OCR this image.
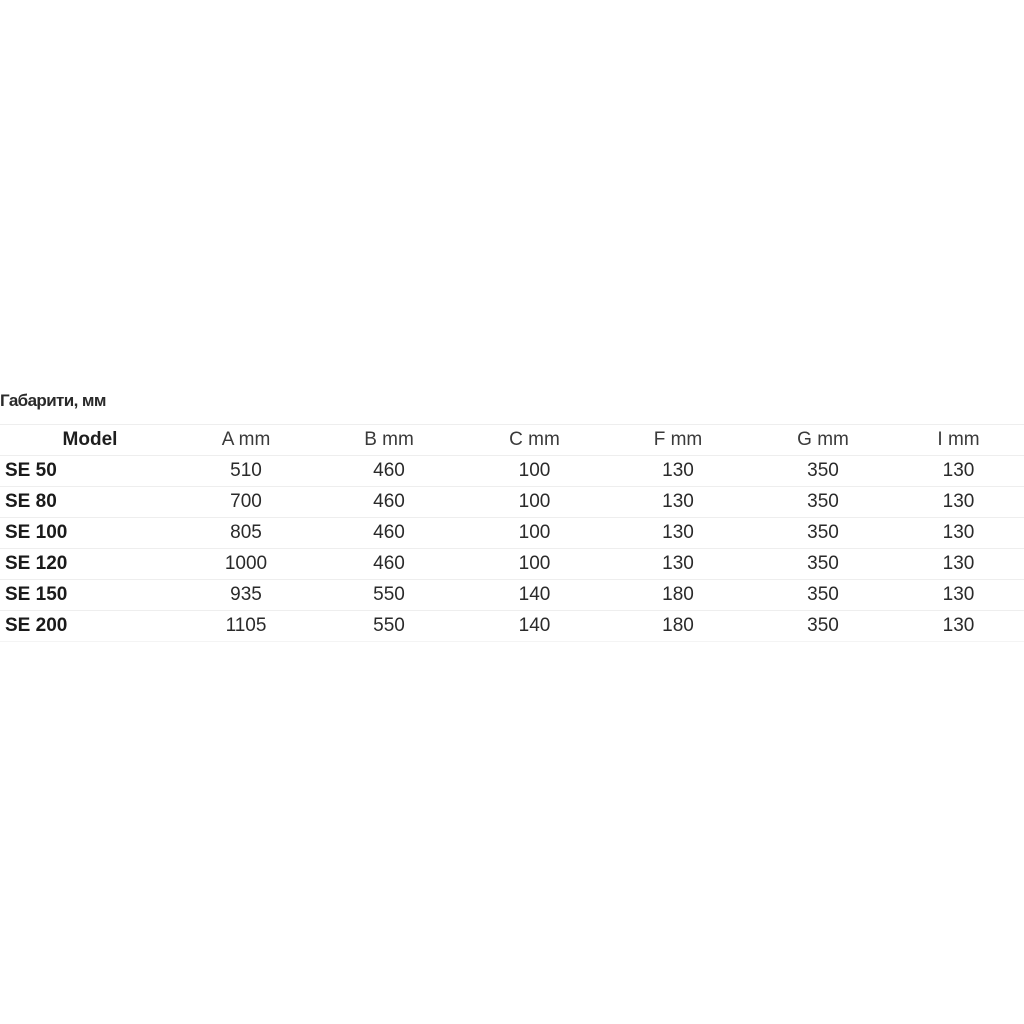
Габарити, мм
Model	A mm	B mm	C mm	F mm	G mm	I mm
SE 50	510	460	100	130	350	130
SE 80	700	460	100	130	350	130
SE 100	805	460	100	130	350	130
SE 120	1000	460	100	130	350	130
SE 150	935	550	140	180	350	130
SE 200	1105	550	140	180	350	130
